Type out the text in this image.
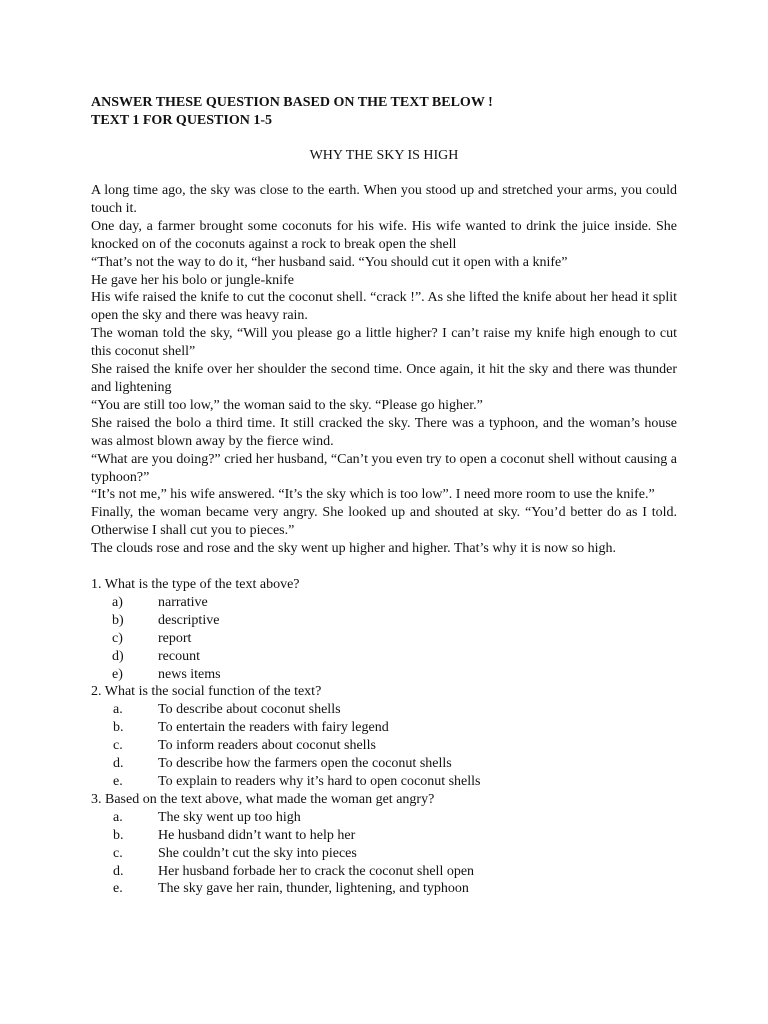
ANSWER THESE QUESTION BASED ON THE TEXT BELOW !

TEXT 1 FOR QUESTION 1-5

WHY THE SKY IS HIGH

A long time ago, the sky was close to the earth. When you stood up and stretched your arms, you could touch it.

One day, a farmer brought some coconuts for his wife. His wife wanted to drink the juice inside. She knocked on of the coconuts against a rock to break open the shell

“That’s not the way to do it, “her husband said. “You should cut it open with a knife”

He gave her his bolo or jungle-knife

His wife raised the knife to cut the coconut shell. “crack !”. As she lifted the knife about her head it split open the sky and there was heavy rain.

The woman told the sky, “Will you please go a little higher? I can’t raise my knife high enough to cut this coconut shell”

She raised the knife over her shoulder the second time. Once again, it hit the sky and there was thunder and lightening

“You are still too low,” the woman said to the sky. “Please go higher.”

She raised the bolo a third time. It still cracked the sky. There was a typhoon, and the woman’s house was almost blown away by the fierce wind.

“What are you doing?” cried her husband, “Can’t you even try to open a coconut shell without causing a typhoon?”

“It’s not me,” his wife answered. “It’s the sky which is too low”. I need more room to use the knife.”

Finally, the woman became very angry. She looked up and shouted at sky. “You’d better do as I told. Otherwise I shall cut you to pieces.”

The clouds rose and rose and the sky went up higher and higher. That’s why it is now so high.

1. What is the type of the text above?

a)	narrative
b)	descriptive
c)	report
d)	recount
e)	news items

2. What is the social function of the text?

a.	To describe about coconut shells
b.	To entertain the readers with fairy legend
c.	To inform readers about coconut shells
d.	To describe how the farmers open the coconut shells
e.	To explain to readers why it’s hard to open coconut shells

3. Based on the text above, what made the woman get angry?

a.	The sky went up too high
b.	He husband didn’t want to help her
c.	She couldn’t cut the sky into pieces
d.	Her husband forbade her to crack the coconut shell open
e.	The sky gave her rain, thunder, lightening, and typhoon
